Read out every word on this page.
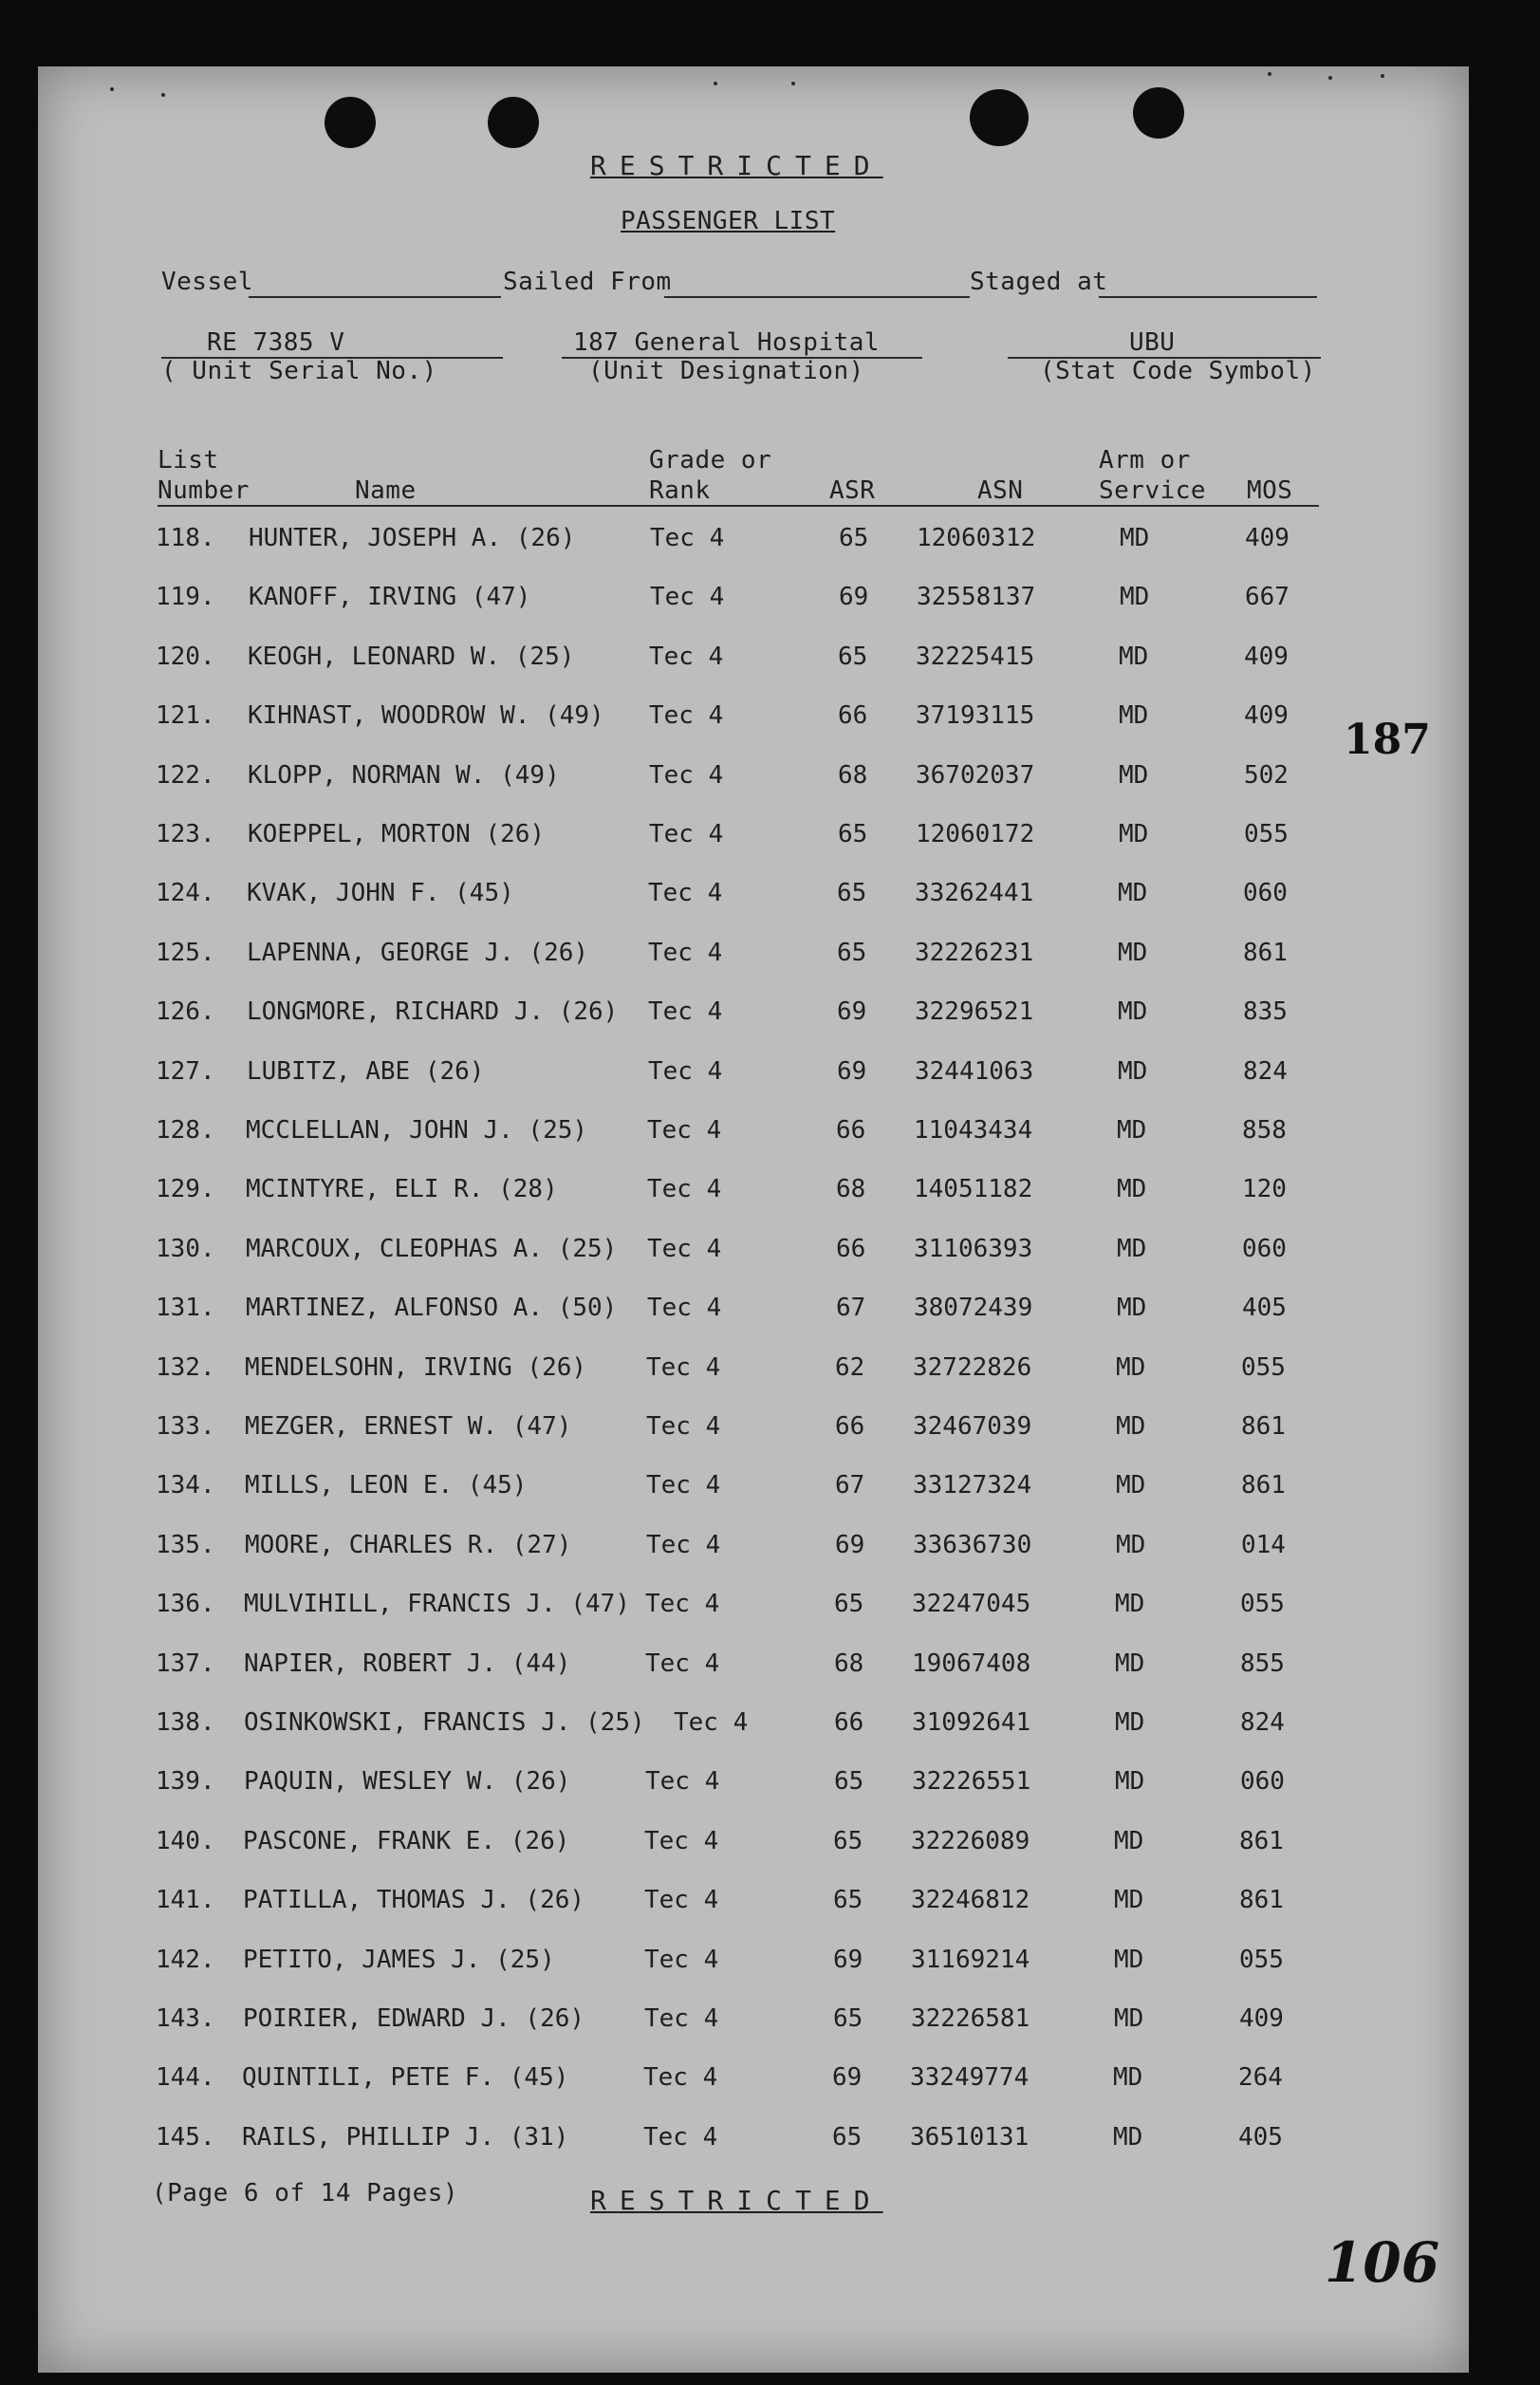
RESTRICTED
PASSENGER LIST
Vessel	Sailed From	Staged at
RE 7385 V
( Unit Serial No.)
187 General Hospital
(Unit Designation)
UBU
(Stat Code Symbol)
List
Number	Name
Grade or
Rank	ASR	ASN
Arm or
Service MOS
118. HUNTER, JOSEPH A. (26)	Tec 4	65 12060312	MD	409
119. KANOFF, IRVING (47)	Tec 4	69 32558137	MD	667
120. KEOGH, LEONARD W. (25)	Tec 4	65 32225415	MD	409
121. KIHNAST, WOODROW W. (49) Tec 4	66 37193115	MD	409
122. KLOPP, NORMAN W. (49)	Tec 4	68 36702037	MD	502
123. KOEPPEL, MORTON (26)	Tec 4	65 12060172	MD	055
124. KVAK, JOHN F. (45)	Tec 4	65 33262441	MD	060
125. LAPENNA, GEORGE J. (26) Tec 4	65 32226231	MD	861
126. LONGMORE, RICHARD J. (26) Tec 4	69 32296521	MD	835
127. LUBITZ, ABE (26)	Tec 4	69 32441063	MD	824
128. MCCLELLAN, JOHN J. (25) Tec 4	66 11043434	MD	858
129. MCINTYRE, ELI R. (28)	Tec 4	68 14051182	MD	120
130. MARCOUX, CLEOPHAS A. (25) Tec 4	66 31106393	MD	060
131. MARTINEZ, ALFONSO A. (50) Tec 4	67 38072439	MD	405
132. MENDELSOHN, IRVING (26) Tec 4	62 32722826	MD	055
133. MEZGER, ERNEST W. (47)	Tec 4	66 32467039	MD	861
134. MILLS, LEON E. (45)	Tec 4	67 33127324	MD	861
135. MOORE, CHARLES R. (27)	Tec 4	69 33636730	MD	014
136. MULVIHILL, FRANCIS J. (47) Tec 4	65 32247045	MD	055
137. NAPIER, ROBERT J. (44)	Tec 4	68 19067408	MD	855
138. OSINKOWSKI, FRANCIS J. (25) Tec 4	66 31092641	MD	824
139. PAQUIN, WESLEY W. (26)	Tec 4	65 32226551	MD	060
140. PASCONE, FRANK E. (26)	Tec 4	65 32226089	MD	861
141. PATILLA, THOMAS J. (26) Tec 4	65 32246812	MD	861
142. PETITO, JAMES J. (25)	Tec 4	69 31169214	MD	055
143. POIRIER, EDWARD J. (26) Tec 4	65 32226581	MD	409
144. QUINTILI, PETE F. (45)	Tec 4	69 33249774	MD	264
145. RAILS, PHILLIP J. (31)	Tec 4	65 36510131	MD	405
187
(Page 6 of 14 Pages)	RESTRICTED
106
